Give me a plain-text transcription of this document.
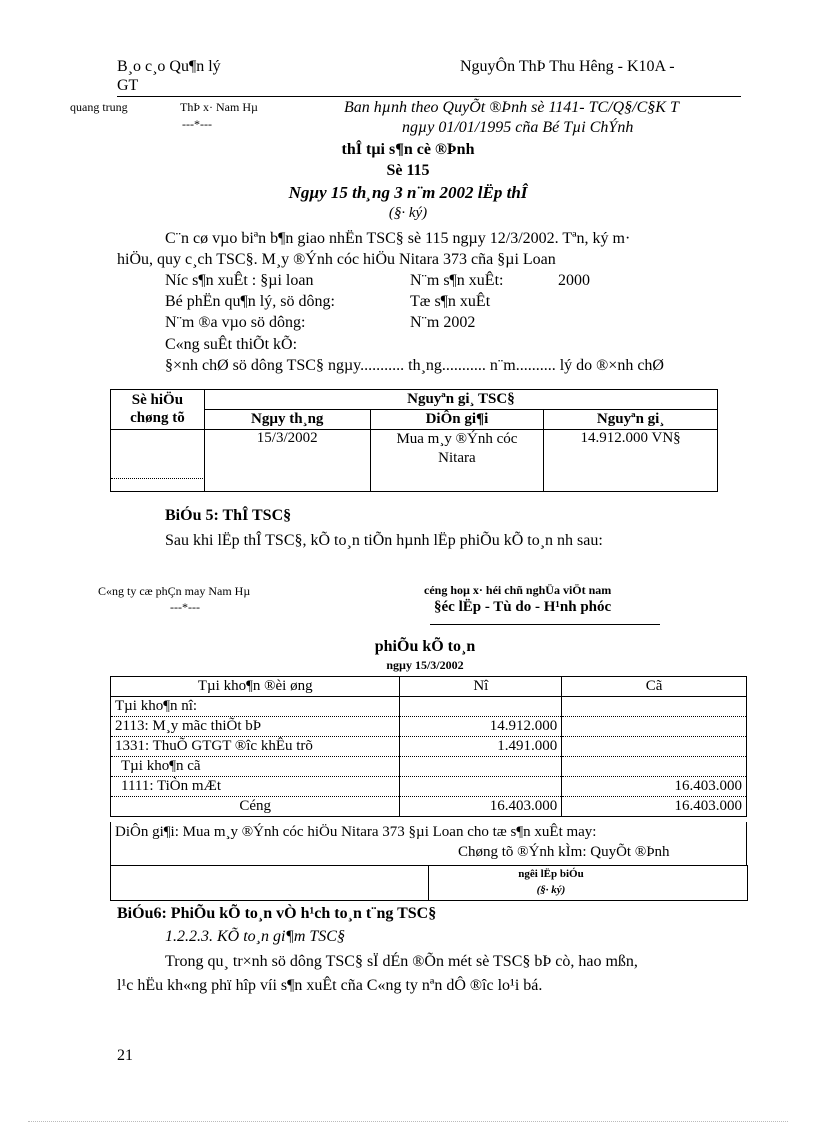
B¸o c¸o Qu¶n lý
GT
NguyÔn ThÞ Thu Hêng - K10A -
quang trung	ThÞ x· Nam Hµ
---*---
Ban hµnh theo QuyÕt ®Þnh sè 1141- TC/Q§/C§K T
ngµy 01/01/1995 cña Bé Tµi ChÝnh
thÎ tµi s¶n cè ®Þnh
Sè 115
Ngµy 15 th¸ng 3 n¨m 2002 lËp thÎ
(§· ký)
C¨n cø vµo biªn b¶n giao nhËn TSC§ sè 115 ngµy 12/3/2002. Tªn, ký m·
hiÖu, quy c¸ch TSC§. M¸y ®Ýnh cóc hiÖu Nitara 373 cña §µi Loan
Níc s¶n xuÊt : §µi loan	N¨m s¶n xuÊt:	2000
Bé phËn qu¶n lý, sö dông:	Tæ s¶n xuÊt
N¨m ®a vµo sö dông:	N¨m 2002
C«ng suÊt thiÕt kÕ:
§×nh chØ sö dông TSC§ ngµy........... th¸ng........... n¨m.......... lý do ®×nh chØ
Sè hiÖu
chøng tõ	Nguyªn gi¸ TSC§		
	Ngµy th¸ng	DiÔn gi¶i	Nguyªn gi¸
	15/3/2002	Mua m¸y ®Ýnh cóc
Nitara	14.912.000 VN§
BiÓu 5: ThÎ TSC§
Sau khi lËp thÎ TSC§, kÕ to¸n tiÕn hµnh lËp phiÕu kÕ to¸n nh sau:
C«ng ty cæ phÇn may Nam Hµ
---*---
céng hoµ x· héi chñ nghÜa viÖt nam
§éc lËp - Tù do - H¹nh phóc
phiÕu kÕ to¸n
ngµy 15/3/2002
Tµi kho¶n ®èi øng	Nî	Cã
Tµi kho¶n nî:		
2113: M¸y mãc thiÕt bÞ	14.912.000	
1331: ThuÕ GTGT ®îc khÊu trõ	1.491.000	
Tµi kho¶n cã		
1111: TiÒn mÆt		16.403.000
Céng	16.403.000	16.403.000
DiÔn gi¶i: Mua m¸y ®Ýnh cóc hiÖu Nitara 373 §µi Loan cho tæ s¶n xuÊt may:
Chøng tõ ®Ýnh kÌm: QuyÕt ®Þnh
ngêi lËp biÓu
(§· ký)
BiÓu6: PhiÕu kÕ to¸n vÒ h¹ch to¸n t¨ng TSC§
1.2.2.3. KÕ to¸n gi¶m TSC§
Trong qu¸ tr×nh sö dông TSC§ sÏ dÉn ®Õn mét sè TSC§ bÞ cò, hao mßn,
l¹c hËu kh«ng phï hîp víi s¶n xuÊt cña C«ng ty nªn dÔ ®îc lo¹i bá.
21
